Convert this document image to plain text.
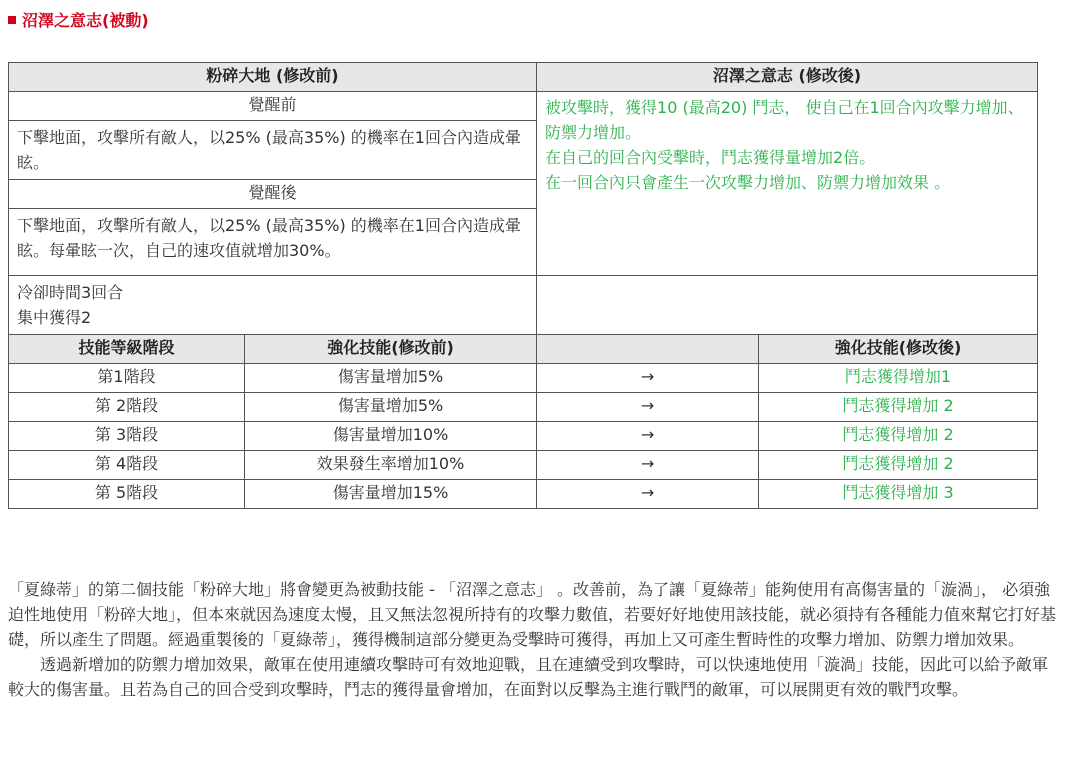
沼澤之意志(被動)
粉碎大地 (修改前)		沼澤之意志 (修改後)	
覺醒前		被攻擊時，獲得10 (最高20) 鬥志， 使自己在1回合內攻擊力增加、防禦力增加。
在自己的回合內受擊時，鬥志獲得量增加2倍。
在一回合內只會產生一次攻擊力增加、防禦力增加效果 。	

下擊地面，攻擊所有敵人，以25% (最高35%) 的機率在1回合內造成暈眩。			
覺醒後			
下擊地面，攻擊所有敵人，以25% (最高35%) 的機率在1回合內造成暈眩。每暈眩一次，自己的速攻值就增加30%。			

冷卻時間3回合
集中獲得2			

技能等級階段	強化技能(修改前)		強化技能(修改後)
第1階段	傷害量增加5%	→	鬥志獲得增加1
第 2階段	傷害量增加5%	→	鬥志獲得增加 2
第 3階段	傷害量增加10%	→	鬥志獲得增加 2
第 4階段	效果發生率增加10%	→	鬥志獲得增加 2
第 5階段	傷害量增加15%	→	鬥志獲得增加 3

「夏綠蒂」的第二個技能「粉碎大地」將會變更為被動技能 - 「沼澤之意志」 。改善前，為了讓「夏綠蒂」能夠使用有高傷害量的「漩渦」， 必須強迫性地使用「粉碎大地」，但本來就因為速度太慢，且又無法忽視所持有的攻擊力數值，若要好好地使用該技能，就必須持有各種能力值來幫它打好基礎，所以產生了問題。經過重製後的「夏綠蒂」，獲得機制這部分變更為受擊時可獲得，再加上又可產生暫時性的攻擊力增加、防禦力增加效果。

透過新增加的防禦力增加效果，敵軍在使用連續攻擊時可有效地迎戰，且在連續受到攻擊時，可以快速地使用「漩渦」技能，因此可以給予敵軍較大的傷害量。且若為自己的回合受到攻擊時，鬥志的獲得量會增加，在面對以反擊為主進行戰鬥的敵軍，可以展開更有效的戰鬥攻擊。
